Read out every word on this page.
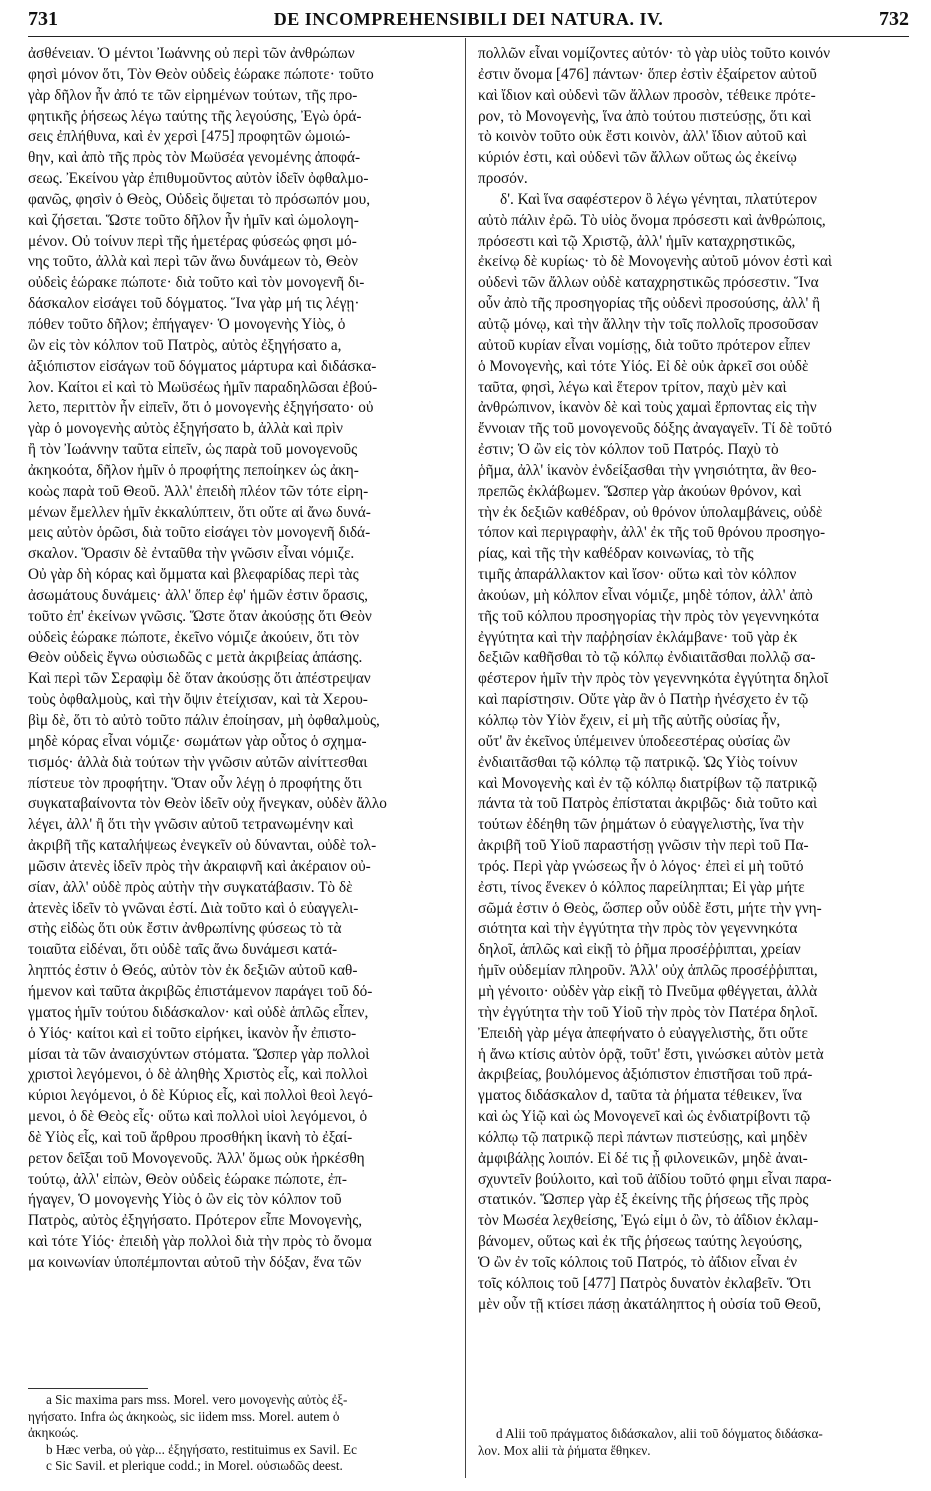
731	DE INCOMPREHENSIBILI DEI NATURA. IV.	732
ἀσθένειαν. Ὁ μέντοι Ἰωάννης οὐ περὶ τῶν ἀνθρώπων
φησὶ μόνον ὅτι, Τὸν Θεὸν οὐδεὶς ἑώρακε πώποτε· τοῦτο
γὰρ δῆλον ἦν ἀπό τε τῶν εἰρημένων τούτων, τῆς προ-
φητικῆς ῥήσεως λέγω ταύτης τῆς λεγούσης, Ἐγὼ ὁρά-
σεις ἐπλήθυνα, καὶ ἐν χερσὶ [475] προφητῶν ὡμοιώ-
θην, καὶ ἀπὸ τῆς πρὸς τὸν Μωϋσέα γενομένης ἀποφά-
σεως. Ἐκείνου γὰρ ἐπιθυμοῦντος αὐτὸν ἰδεῖν ὀφθαλμο-
φανῶς, φησὶν ὁ Θεὸς, Οὐδεὶς ὄψεται τὸ πρόσωπόν μου,
καὶ ζήσεται. Ὥστε τοῦτο δῆλον ἦν ἡμῖν καὶ ὡμολογη-
μένον. Οὐ τοίνυν περὶ τῆς ἡμετέρας φύσεώς φησι μό-
νης τοῦτο, ἀλλὰ καὶ περὶ τῶν ἄνω δυνάμεων τὸ, Θεὸν
οὐδεὶς ἑώρακε πώποτε· διὰ τοῦτο καὶ τὸν μονογενῆ δι-
δάσκαλον εἰσάγει τοῦ δόγματος. Ἵνα γὰρ μή τις λέγῃ·
πόθεν τοῦτο δῆλον; ἐπήγαγεν· Ὁ μονογενὴς Υἱὸς, ὁ
ὢν εἰς τὸν κόλπον τοῦ Πατρὸς, αὐτὸς ἐξηγήσατο a,
ἀξιόπιστον εἰσάγων τοῦ δόγματος μάρτυρα καὶ διδάσκα-
λον. Καίτοι εἰ καὶ τὸ Μωϋσέως ἡμῖν παραδηλῶσαι ἐβού-
λετο, περιττὸν ἦν εἰπεῖν, ὅτι ὁ μονογενὴς ἐξηγήσατο· οὐ
γὰρ ὁ μονογενὴς αὐτὸς ἐξηγήσατο b, ἀλλὰ καὶ πρὶν
ἢ τὸν Ἰωάννην ταῦτα εἰπεῖν, ὡς παρὰ τοῦ μονογενοῦς
ἀκηκοότα, δῆλον ἡμῖν ὁ προφήτης πεποίηκεν ὡς ἀκη-
κοὼς παρὰ τοῦ Θεοῦ. Ἀλλ' ἐπειδὴ πλέον τῶν τότε εἰρη-
μένων ἔμελλεν ἡμῖν ἐκκαλύπτειν, ὅτι οὔτε αἱ ἄνω δυνά-
μεις αὐτὸν ὁρῶσι, διὰ τοῦτο εἰσάγει τὸν μονογενῆ διδά-
σκαλον. Ὅρασιν δὲ ἐνταῦθα τὴν γνῶσιν εἶναι νόμιζε.
Οὐ γὰρ δὴ κόρας καὶ ὄμματα καὶ βλεφαρίδας περὶ τὰς
ἀσωμάτους δυνάμεις· ἀλλ' ὅπερ ἐφ' ἡμῶν ἐστιν ὅρασις,
τοῦτο ἐπ' ἐκείνων γνῶσις. Ὥστε ὅταν ἀκούσῃς ὅτι Θεὸν
οὐδεὶς ἑώρακε πώποτε, ἐκεῖνο νόμιζε ἀκούειν, ὅτι τὸν
Θεὸν οὐδεὶς ἔγνω οὐσιωδῶς c μετὰ ἀκριβείας ἁπάσης.
Καὶ περὶ τῶν Σεραφὶμ δὲ ὅταν ἀκούσῃς ὅτι ἀπέστρεψαν
τοὺς ὀφθαλμοὺς, καὶ τὴν ὄψιν ἐτείχισαν, καὶ τὰ Χερου-
βὶμ δὲ, ὅτι τὸ αὐτὸ τοῦτο πάλιν ἐποίησαν, μὴ ὀφθαλμοὺς,
μηδὲ κόρας εἶναι νόμιζε· σωμάτων γὰρ οὗτος ὁ σχημα-
τισμός· ἀλλὰ διὰ τούτων τὴν γνῶσιν αὐτῶν αἰνίττεσθαι
πίστευε τὸν προφήτην. Ὅταν οὖν λέγῃ ὁ προφήτης ὅτι
συγκαταβαίνοντα τὸν Θεὸν ἰδεῖν οὐχ ἤνεγκαν, οὐδὲν ἄλλο
λέγει, ἀλλ' ἢ ὅτι τὴν γνῶσιν αὐτοῦ τετρανωμένην καὶ
ἀκριβῆ τῆς καταλήψεως ἐνεγκεῖν οὐ δύνανται, οὐδὲ τολ-
μῶσιν ἀτενὲς ἰδεῖν πρὸς τὴν ἀκραιφνῆ καὶ ἀκέραιον οὐ-
σίαν, ἀλλ' οὐδὲ πρὸς αὐτὴν τὴν συγκατάβασιν. Τὸ δὲ
ἀτενὲς ἰδεῖν τὸ γνῶναι ἐστί. Διὰ τοῦτο καὶ ὁ εὐαγγελι-
στὴς εἰδὼς ὅτι οὐκ ἔστιν ἀνθρωπίνης φύσεως τὸ τὰ
τοιαῦτα εἰδέναι, ὅτι οὐδὲ ταῖς ἄνω δυνάμεσι κατά-
ληπτός ἐστιν ὁ Θεός, αὐτὸν τὸν ἐκ δεξιῶν αὐτοῦ καθ-
ήμενον καὶ ταῦτα ἀκριβῶς ἐπιστάμενον παράγει τοῦ δό-
γματος ἡμῖν τούτου διδάσκαλον· καὶ οὐδὲ ἁπλῶς εἶπεν,
ὁ Υἱός· καίτοι καὶ εἰ τοῦτο εἰρήκει, ἱκανὸν ἦν ἐπιστο-
μίσαι τὰ τῶν ἀναισχύντων στόματα. Ὥσπερ γὰρ πολλοὶ
χριστοὶ λεγόμενοι, ὁ δὲ ἀληθὴς Χριστὸς εἷς, καὶ πολλοὶ
κύριοι λεγόμενοι, ὁ δὲ Κύριος εἷς, καὶ πολλοὶ θεοὶ λεγό-
μενοι, ὁ δὲ Θεὸς εἷς· οὕτω καὶ πολλοὶ υἱοὶ λεγόμενοι, ὁ
δὲ Υἱὸς εἷς, καὶ τοῦ ἄρθρου προσθήκη ἱκανὴ τὸ ἐξαί-
ρετον δεῖξαι τοῦ Μονογενοῦς. Ἀλλ' ὅμως οὐκ ἠρκέσθη
τούτῳ, ἀλλ' εἰπὼν, Θεὸν οὐδεὶς ἑώρακε πώποτε, ἐπ-
ήγαγεν, Ὁ μονογενὴς Υἱὸς ὁ ὢν εἰς τὸν κόλπον τοῦ
Πατρὸς, αὐτὸς ἐξηγήσατο. Πρότερον εἶπε Μονογενὴς,
καὶ τότε Υἱός· ἐπειδὴ γὰρ πολλοὶ διὰ τὴν πρὸς τὸ ὄνομα
μα κοινωνίαν ὑποπέμπονται αὐτοῦ τὴν δόξαν, ἕνα τῶν
πολλῶν εἶναι νομίζοντες αὐτόν· τὸ γὰρ υἱὸς τοῦτο κοινόν
ἐστιν ὄνομα [476] πάντων· ὅπερ ἐστὶν ἐξαίρετον αὐτοῦ
καὶ ἴδιον καὶ οὐδενὶ τῶν ἄλλων προσὸν, τέθεικε πρότε-
ρον, τὸ Μονογενὴς, ἵνα ἀπὸ τούτου πιστεύσῃς, ὅτι καὶ
τὸ κοινὸν τοῦτο οὐκ ἔστι κοινὸν, ἀλλ' ἴδιον αὐτοῦ καὶ
κύριόν ἐστι, καὶ οὐδενὶ τῶν ἄλλων οὕτως ὡς ἐκείνῳ
προσόν.
δ'. Καὶ ἵνα σαφέστερον ὃ λέγω γένηται, πλατύτερον
αὐτὸ πάλιν ἐρῶ. Τὸ υἱὸς ὄνομα πρόσεστι καὶ ἀνθρώποις,
πρόσεστι καὶ τῷ Χριστῷ, ἀλλ' ἡμῖν καταχρηστικῶς,
ἐκείνῳ δὲ κυρίως· τὸ δὲ Μονογενὴς αὐτοῦ μόνον ἐστὶ καὶ
οὐδενὶ τῶν ἄλλων οὐδὲ καταχρηστικῶς πρόσεστιν. Ἵνα
οὖν ἀπὸ τῆς προσηγορίας τῆς οὐδενὶ προσούσης, ἀλλ' ἢ
αὐτῷ μόνῳ, καὶ τὴν ἄλλην τὴν τοῖς πολλοῖς προσοῦσαν
αὐτοῦ κυρίαν εἶναι νομίσῃς, διὰ τοῦτο πρότερον εἶπεν
ὁ Μονογενὴς, καὶ τότε Υἱός. Εἰ δὲ οὐκ ἀρκεῖ σοι οὐδὲ
ταῦτα, φησὶ, λέγω καὶ ἕτερον τρίτον, παχὺ μὲν καὶ
ἀνθρώπινον, ἱκανὸν δὲ καὶ τοὺς χαμαὶ ἕρποντας εἰς τὴν
ἔννοιαν τῆς τοῦ μονογενοῦς δόξης ἀναγαγεῖν. Τί δὲ τοῦτό
ἐστιν; Ὁ ὢν εἰς τὸν κόλπον τοῦ Πατρός. Παχὺ τὸ
ῥῆμα, ἀλλ' ἱκανὸν ἐνδείξασθαι τὴν γνησιότητα, ἂν θεο-
πρεπῶς ἐκλάβωμεν. Ὥσπερ γὰρ ἀκούων θρόνον, καὶ
τὴν ἐκ δεξιῶν καθέδραν, οὐ θρόνον ὑπολαμβάνεις, οὐδὲ
τόπον καὶ περιγραφὴν, ἀλλ' ἐκ τῆς τοῦ θρόνου προσηγο-
ρίας, καὶ τῆς τὴν καθέδραν κοινωνίας, τὸ τῆς
τιμῆς ἀπαράλλακτον καὶ ἴσον· οὕτω καὶ τὸν κόλπον
ἀκούων, μὴ κόλπον εἶναι νόμιζε, μηδὲ τόπον, ἀλλ' ἀπὸ
τῆς τοῦ κόλπου προσηγορίας τὴν πρὸς τὸν γεγεννηκότα
ἐγγύτητα καὶ τὴν παῤῥησίαν ἐκλάμβανε· τοῦ γὰρ ἐκ
δεξιῶν καθῆσθαι τὸ τῷ κόλπῳ ἐνδιαιτᾶσθαι πολλῷ σα-
φέστερον ἡμῖν τὴν πρὸς τὸν γεγεννηκότα ἐγγύτητα δηλοῖ
καὶ παρίστησιν. Οὔτε γὰρ ἂν ὁ Πατὴρ ἠνέσχετο ἐν τῷ
κόλπῳ τὸν Υἱὸν ἔχειν, εἰ μὴ τῆς αὐτῆς οὐσίας ἦν,
οὔτ' ἂν ἐκεῖνος ὑπέμεινεν ὑποδεεστέρας οὐσίας ὢν
ἐνδιαιτᾶσθαι τῷ κόλπῳ τῷ πατρικῷ. Ὡς Υἱὸς τοίνυν
καὶ Μονογενὴς καὶ ἐν τῷ κόλπῳ διατρίβων τῷ πατρικῷ
πάντα τὰ τοῦ Πατρὸς ἐπίσταται ἀκριβῶς· διὰ τοῦτο καὶ
τούτων ἐδέηθη τῶν ῥημάτων ὁ εὐαγγελιστὴς, ἵνα τὴν
ἀκριβῆ τοῦ Υἱοῦ παραστήσῃ γνῶσιν τὴν περὶ τοῦ Πα-
τρός. Περὶ γὰρ γνώσεως ἦν ὁ λόγος· ἐπεὶ εἰ μὴ τοῦτό
ἐστι, τίνος ἕνεκεν ὁ κόλπος παρείληπται; Εἰ γὰρ μήτε
σῶμά ἐστιν ὁ Θεὸς, ὥσπερ οὖν οὐδὲ ἔστι, μήτε τὴν γνη-
σιότητα καὶ τὴν ἐγγύτητα τὴν πρὸς τὸν γεγεννηκότα
δηλοῖ, ἁπλῶς καὶ εἰκῇ τὸ ῥῆμα προσέῤῥιπται, χρείαν
ἡμῖν οὐδεμίαν πληροῦν. Ἀλλ' οὐχ ἁπλῶς προσέῤῥιπται,
μὴ γένοιτο· οὐδὲν γὰρ εἰκῇ τὸ Πνεῦμα φθέγγεται, ἀλλὰ
τὴν ἐγγύτητα τὴν τοῦ Υἱοῦ τὴν πρὸς τὸν Πατέρα δηλοῖ.
Ἐπειδὴ γὰρ μέγα ἀπεφήνατο ὁ εὐαγγελιστὴς, ὅτι οὔτε
ἡ ἄνω κτίσις αὐτὸν ὁρᾷ, τοῦτ' ἔστι, γινώσκει αὐτὸν μετὰ
ἀκριβείας, βουλόμενος ἀξιόπιστον ἐπιστῆσαι τοῦ πρά-
γματος διδάσκαλον d, ταῦτα τὰ ῥήματα τέθεικεν, ἵνα
καὶ ὡς Υἱῷ καὶ ὡς Μονογενεῖ καὶ ὡς ἐνδιατρίβοντι τῷ
κόλπῳ τῷ πατρικῷ περὶ πάντων πιστεύσῃς, καὶ μηδὲν
ἀμφιβάλῃς λοιπόν. Εἰ δέ τις ᾖ φιλονεικῶν, μηδὲ ἀναι-
σχυντεῖν βούλοιτο, καὶ τοῦ ἀϊδίου τοῦτό φημι εἶναι παρα-
στατικόν. Ὥσπερ γὰρ ἐξ ἐκείνης τῆς ῥήσεως τῆς πρὸς
τὸν Μωσέα λεχθείσης, Ἐγώ εἰμι ὁ ὢν, τὸ ἀΐδιον ἐκλαμ-
βάνομεν, οὕτως καὶ ἐκ τῆς ῥήσεως ταύτης λεγούσης,
Ὁ ὢν ἐν τοῖς κόλποις τοῦ Πατρός, τὸ ἀΐδιον εἶναι ἐν
τοῖς κόλποις τοῦ [477] Πατρὸς δυνατὸν ἐκλαβεῖν. Ὅτι
μὲν οὖν τῇ κτίσει πάσῃ ἀκατάληπτος ἡ οὐσία τοῦ Θεοῦ,
a Sic maxima pars mss. Morel. vero μονογενὴς αὐτὸς ἐξ-
ηγήσατο. Infra ὡς ἀκηκοὼς, sic iidem mss. Morel. autem ὁ
ἀκηκοώς.
b Hæc verba, οὐ γὰρ... ἐξηγήσατο, restituimus ex Savil. Ec
c Sic Savil. et plerique codd.; in Morel. οὐσιωδῶς deest.
d Alii τοῦ πράγματος διδάσκαλον, alii τοῦ δόγματος διδάσκα-
λον. Mox alii τὰ ῥήματα ἔθηκεν.
